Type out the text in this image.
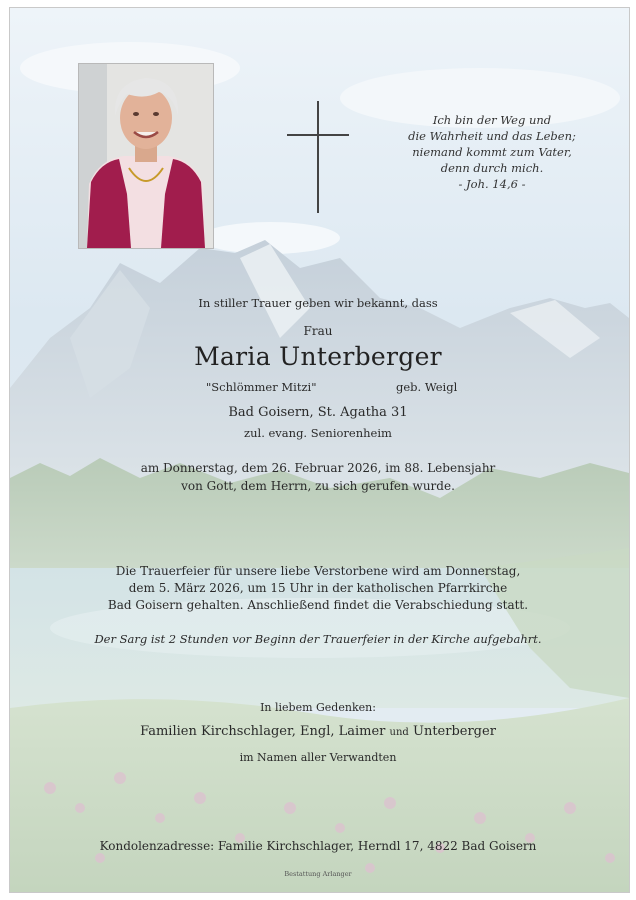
Ich bin der Weg und
die Wahrheit und das Leben;
niemand kommt zum Vater,
denn durch mich.
- Joh. 14,6 -
In stiller Trauer geben wir bekannt, dass
Frau
Maria Unterberger
"Schlömmer Mitzi"	geb. Weigl
Bad Goisern, St. Agatha 31
zul. evang. Seniorenheim
am Donnerstag, dem 26. Februar 2026, im 88. Lebensjahr
von Gott, dem Herrn, zu sich gerufen wurde.
Die Trauerfeier für unsere liebe Verstorbene wird am Donnerstag,
dem 5. März 2026, um 15 Uhr in der katholischen Pfarrkirche
Bad Goisern gehalten. Anschließend findet die Verabschiedung statt.
Der Sarg ist 2 Stunden vor Beginn der Trauerfeier in der Kirche aufgebahrt.
In liebem Gedenken:
Familien Kirchschlager, Engl, Laimer und Unterberger
im Namen aller Verwandten
Kondolenzadresse: Familie Kirchschlager, Herndl 17, 4822 Bad Goisern
Bestattung Arlanger
